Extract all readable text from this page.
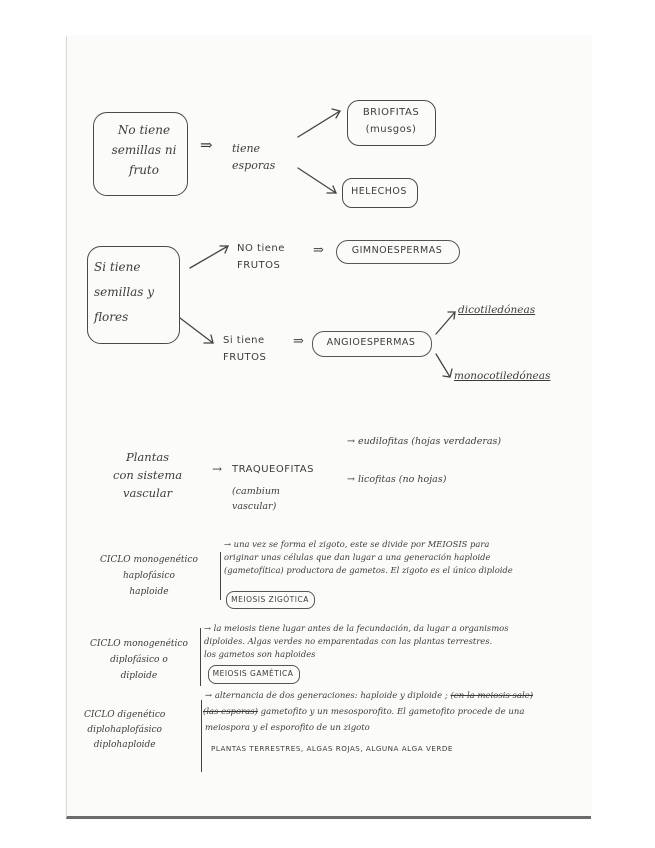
No tiene
semillas ni
fruto
⇒ tiene
esporas
BRIOFITAS
(musgos)
HELECHOS
Si tiene
semillas y
flores
NO tiene
FRUTOS
⇒	GIMNOESPERMAS
Si tiene
FRUTOS
⇒	ANGIOESPERMAS
dicotiledóneas
monocotiledóneas
Plantas
con sistema
vascular
→ TRAQUEOFITAS
(cambium
vascular)
→ eudilofitas (hojas verdaderas)
→ licofitas (no hojas)
CICLO monogenético
haplofásico
haploide
→ una vez se forma el zigoto, este se divide por MEIOSIS para
originar unas células que dan lugar a una generación haploide
(gametofítica) productora de gametos. El zigoto es el único diploide
MEIOSIS ZIGÓTICA
CICLO monogenético
diplofásico o
diploide
→ la meiosis tiene lugar antes de la fecundación, da lugar a organismos
diploides. Algas verdes no emparentadas con las plantas terrestres.
los gametos son haploides
MEIOSIS GAMÉTICA
CICLO digenético
diplohaplofásico
diplohaploide
→ alternancia de dos generaciones: haploide y diploide ; (en la meiosis sale)
(las esporas) gametofito y un mesosporofito. El gametofito procede de una
meiospora y el esporofito de un zigoto
PLANTAS TERRESTRES, ALGAS ROJAS, ALGUNA ALGA VERDE
